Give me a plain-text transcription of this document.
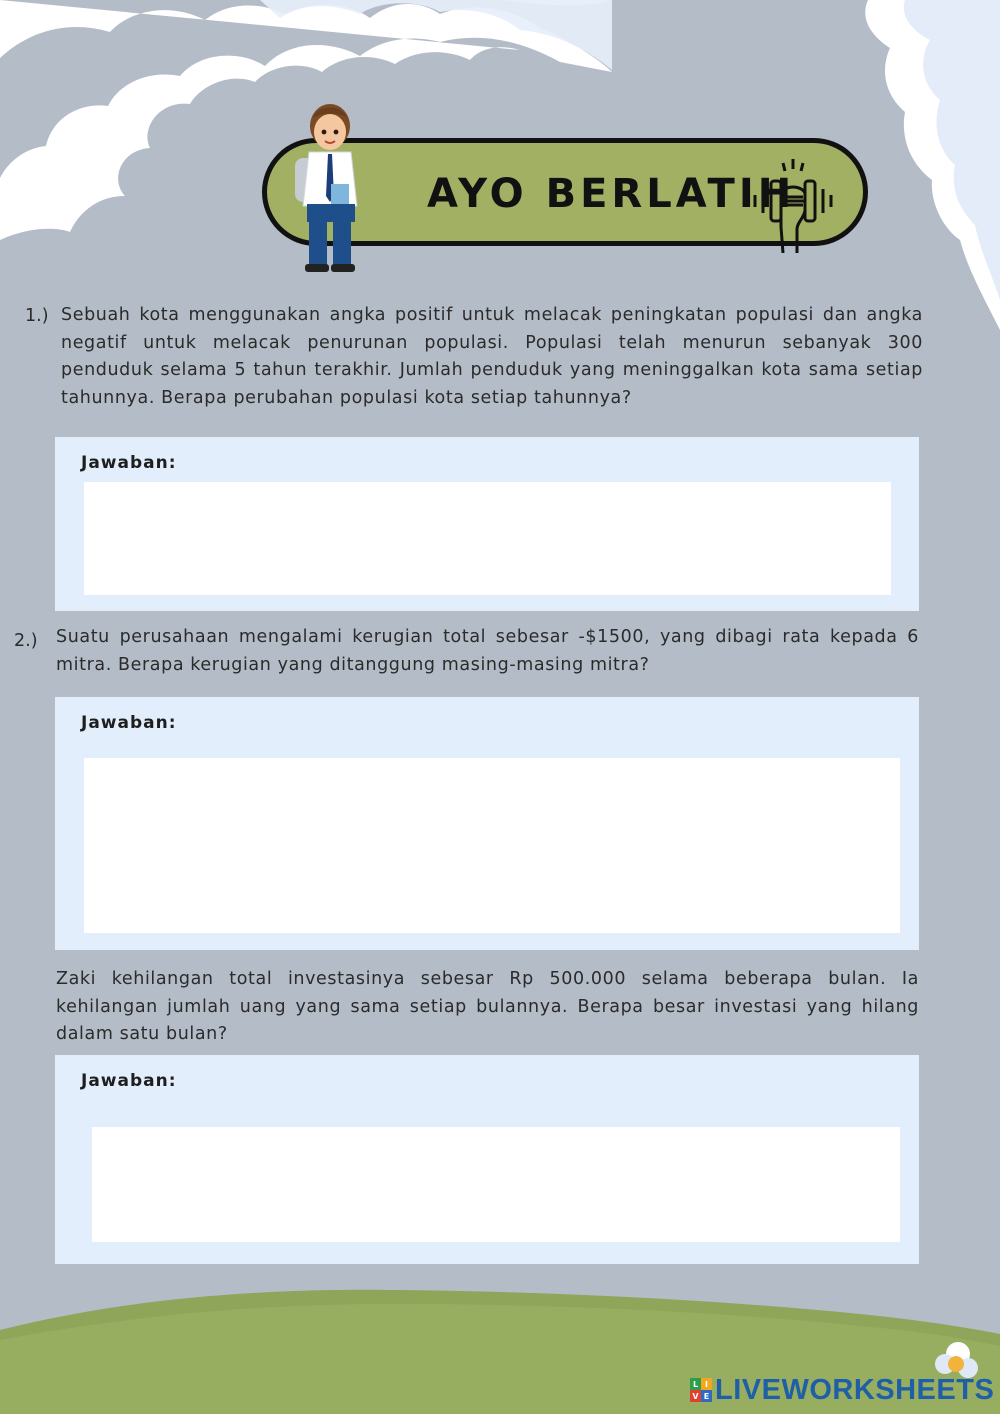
AYO BERLATIH
1.) Sebuah kota menggunakan angka positif untuk melacak peningkatan populasi dan angka negatif untuk melacak penurunan populasi. Populasi telah menurun sebanyak 300 penduduk selama 5 tahun terakhir. Jumlah penduduk yang meninggalkan kota sama setiap tahunnya. Berapa perubahan populasi kota setiap tahunnya?
Jawaban:
2.) Suatu perusahaan mengalami kerugian total sebesar -$1500, yang dibagi rata kepada 6 mitra. Berapa kerugian yang ditanggung masing-masing mitra?
Jawaban:
Zaki kehilangan total investasinya sebesar Rp 500.000 selama beberapa bulan. Ia kehilangan jumlah uang yang sama setiap bulannya. Berapa besar investasi yang hilang dalam satu bulan?
Jawaban:
L I
V E LIVEWORKSHEETS
